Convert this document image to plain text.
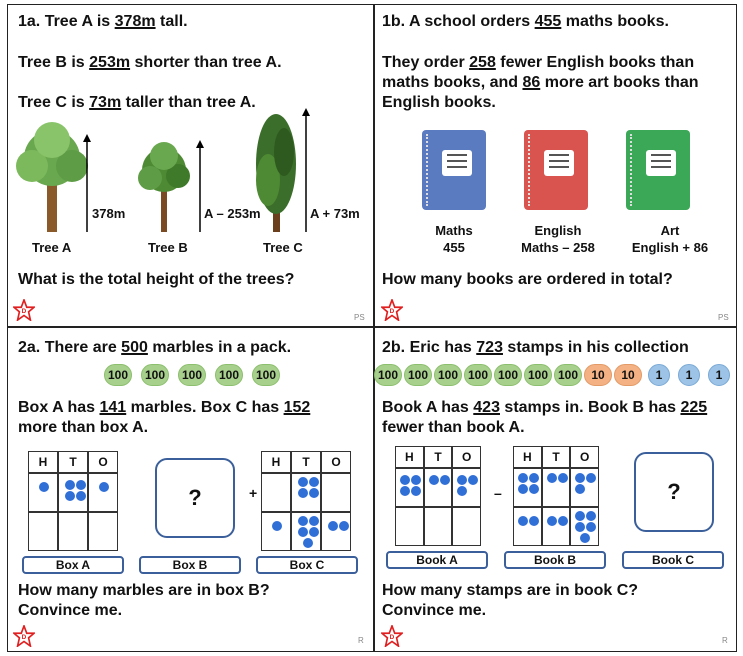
1a. Tree A is 378m tall.
Tree B is 253m shorter than tree A.
Tree C is 73m taller than tree A.
378m	A – 253m	A + 73m
Tree A	Tree B	Tree C
What is the total height of the trees?
D
PS
1b. A school orders 455 maths books.
They order 258 fewer English books than
maths books, and 86 more art books than
English books.
Maths
455
English
Maths – 258
Art
English + 86
How many books are ordered in total?
D
PS
2a. There are 500 marbles in a pack.
100	100	100	100	100
Box A has 141 marbles. Box C has 152
more than box A.
H	T	O
?	+
H	T	O
Box A	Box B	Box C
How many marbles are in box B?
Convince me.
D	R
2b. Eric has 723 stamps in his collection
100 100 100 100 100 100 100	10	10	1	1	1
Book A has 423 stamps in. Book B has 225
fewer than book A.
H	T	O
–
H	T	O
?
Book A	Book B	Book C
How many stamps are in book C?
Convince me.
D	R
